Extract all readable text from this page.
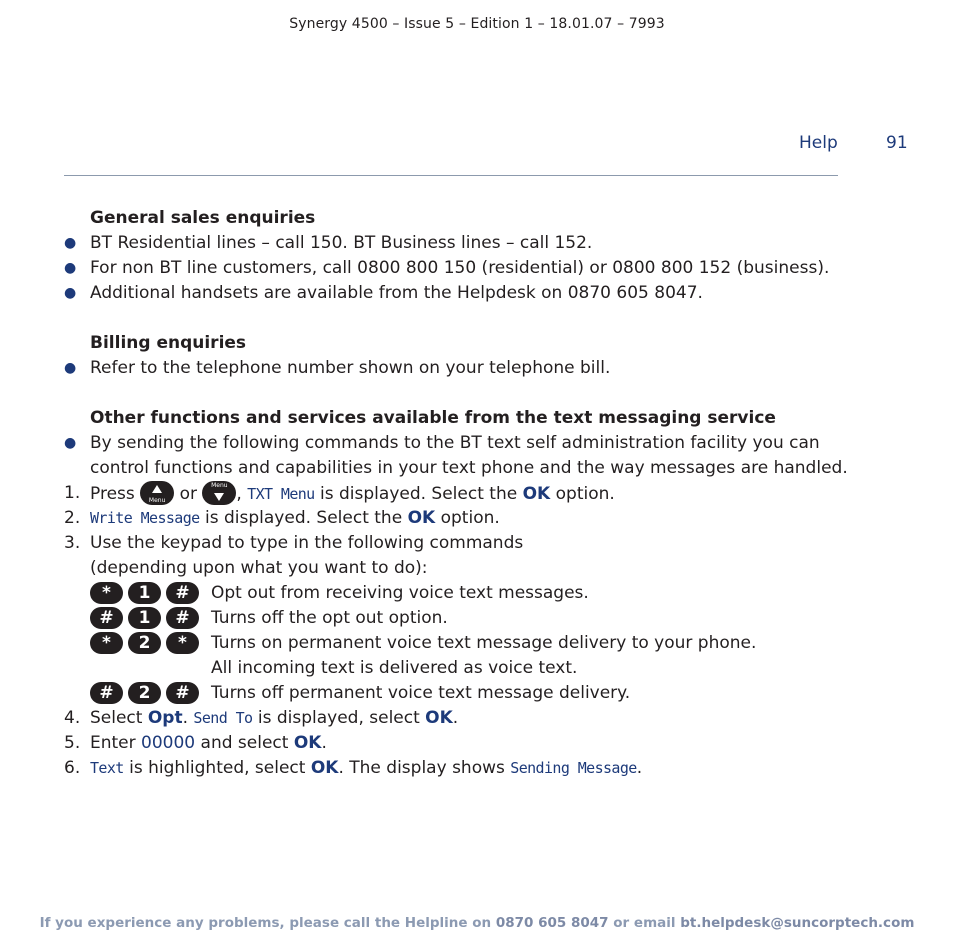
Synergy 4500 – Issue 5 – Edition 1 – 18.01.07 – 7993
Help	91
General sales enquiries
● BT Residential lines – call 150. BT Business lines – call 152.
● For non BT line customers, call 0800 800 150 (residential) or 0800 800 152 (business).
● Additional handsets are available from the Helpdesk on 0870 605 8047.
Billing enquiries
● Refer to the telephone number shown on your telephone bill.
Other functions and services available from the text messaging service
● By sending the following commands to the BT text self administration facility you can
control functions and capabilities in your text phone and the way messages are handled.
1. Press	Menu or	Menu , TXT Menu is displayed. Select the OK option.
2. Write Message is displayed. Select the OK option.
3. Use the keypad to type in the following commands
(depending upon what you want to do):
*	1	#	Opt out from receiving voice text messages.
#	1	#	Turns off the opt out option.
*	2	*	Turns on permanent voice text message delivery to your phone.
All incoming text is delivered as voice text.
#	2	#	Turns off permanent voice text message delivery.
4. Select Opt. Send To is displayed, select OK.
5. Enter 00000 and select OK.
6. Text is highlighted, select OK. The display shows Sending Message.
If you experience any problems, please call the Helpline on 0870 605 8047 or email bt.helpdesk@suncorptech.com
